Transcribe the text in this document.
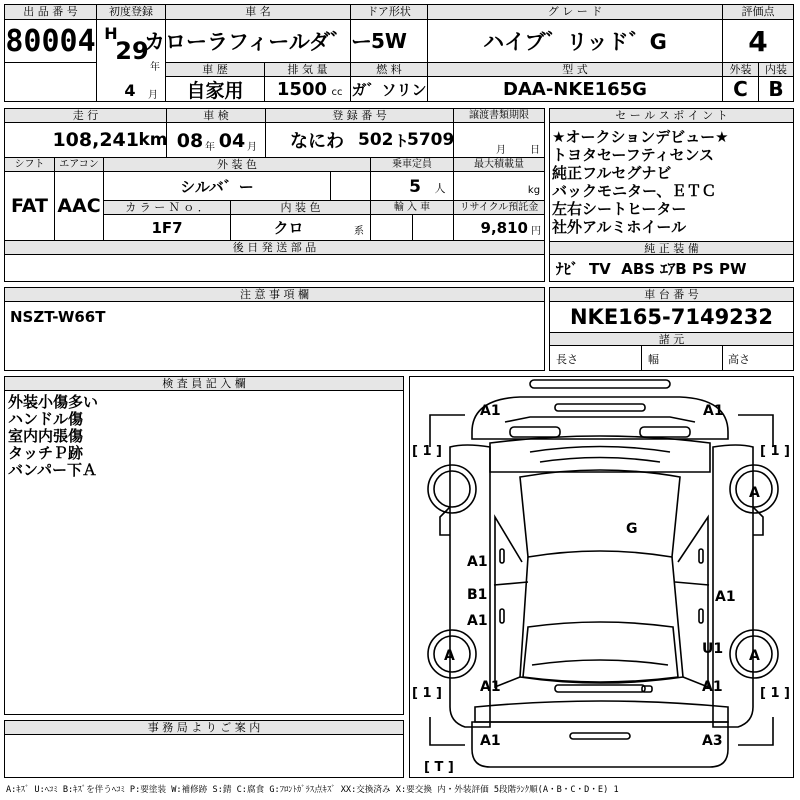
出 品 番 号
80004
初度登録
H
29
年
4	月
車 名
カローラフィールダ゛ー
ドア形状
5W
グ レ ー ド
ハイブ゛リッド゛G
評価点
4
車 歴
自家用
排 気 量
1500 cc
燃 料
ガ゛ソリン
型 式
DAA-NKE165G
外装	内装
C	B
走 行
108,241 km
車 検
08 年 04 月
登 録 番 号
なにわ 502 ト
5709
譲渡書類期限
月 日
シフト
FAT
エアコン
AAC
外 装 色
シルバ゛ー
乗車定員
5	人
最大積載量
kg
カ ラ ー Ｎ ｏ ．
1F7
内 装 色
クロ	系
輸 入 車	リサイクル預託金
9,810 円
後 日 発 送 部 品
セ ー ル ス ポ イ ン ト
★オークションデビュー★
トヨタセーフティセンス
純正フルセグナビ
バックモニター、ＥＴＣ
左右シートヒーター
社外アルミホイール
純 正 装 備
ﾅﾋﾞ  TV  ABS ｴｱB PS PW
注 意 事 項 欄
NSZT-W66T
車 台 番 号
NKE165-7149232
諸 元
長さ	幅	高さ
検 査 員 記 入 欄
外装小傷多い
ハンドル傷
室内内張傷
タッチＰ跡
バンパー下Ａ
事 務 局 よ り ご 案 内
A:ｷｽﾞ U:ﾍｺﾐ B:ｷｽﾞを伴うﾍｺﾐ P:要塗装 W:補修跡 S:錆 C:腐食 G:ﾌﾛﾝﾄｶﾞﾗｽ点ｷｽﾞ XX:交換済み X:要交換 内・外装評価 5段階ﾗﾝｸ順(A・B・C・D・E) 1
A1	A1
[ 1 ]	[ 1 ]
A
G
A1
B1
A1
A1
A	U1 A
[ 1 ]	[ 1 ]
A1	A1
A1	A3
[ T ]
